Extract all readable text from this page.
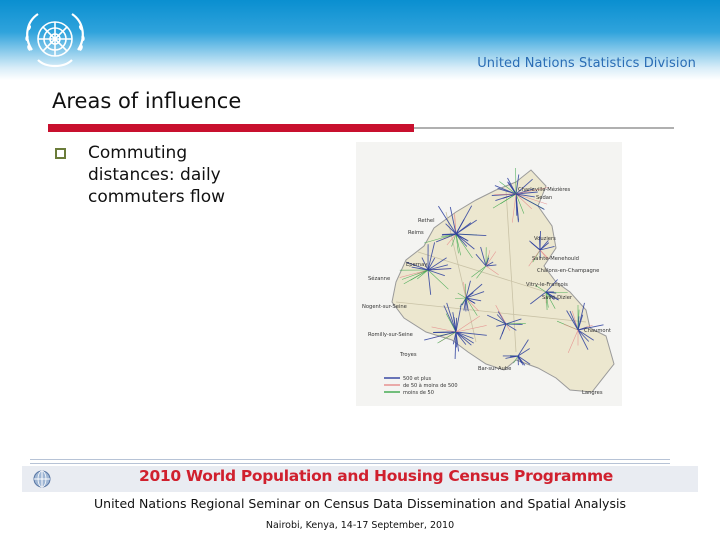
United Nations Statistics Division
Areas of influence
Commuting distances: daily commuters flow	Charleville-Mézières
Sedan
Rethel
Reims
Vouziers
Epernay
Sainte-Menehould
Châlons-en-Champagne
Sézanne
Vitry-le-François
Saint-Dizier
Nogent-sur-Seine
Romilly-sur-Seine
Chaumont
Troyes
Bar-sur-Aube
Langres
500 et plus
de 50 à moins de 500
moins de 50
2010 World Population and Housing Census Programme
United Nations Regional Seminar on Census Data Dissemination and Spatial Analysis
Nairobi, Kenya, 14-17 September, 2010
